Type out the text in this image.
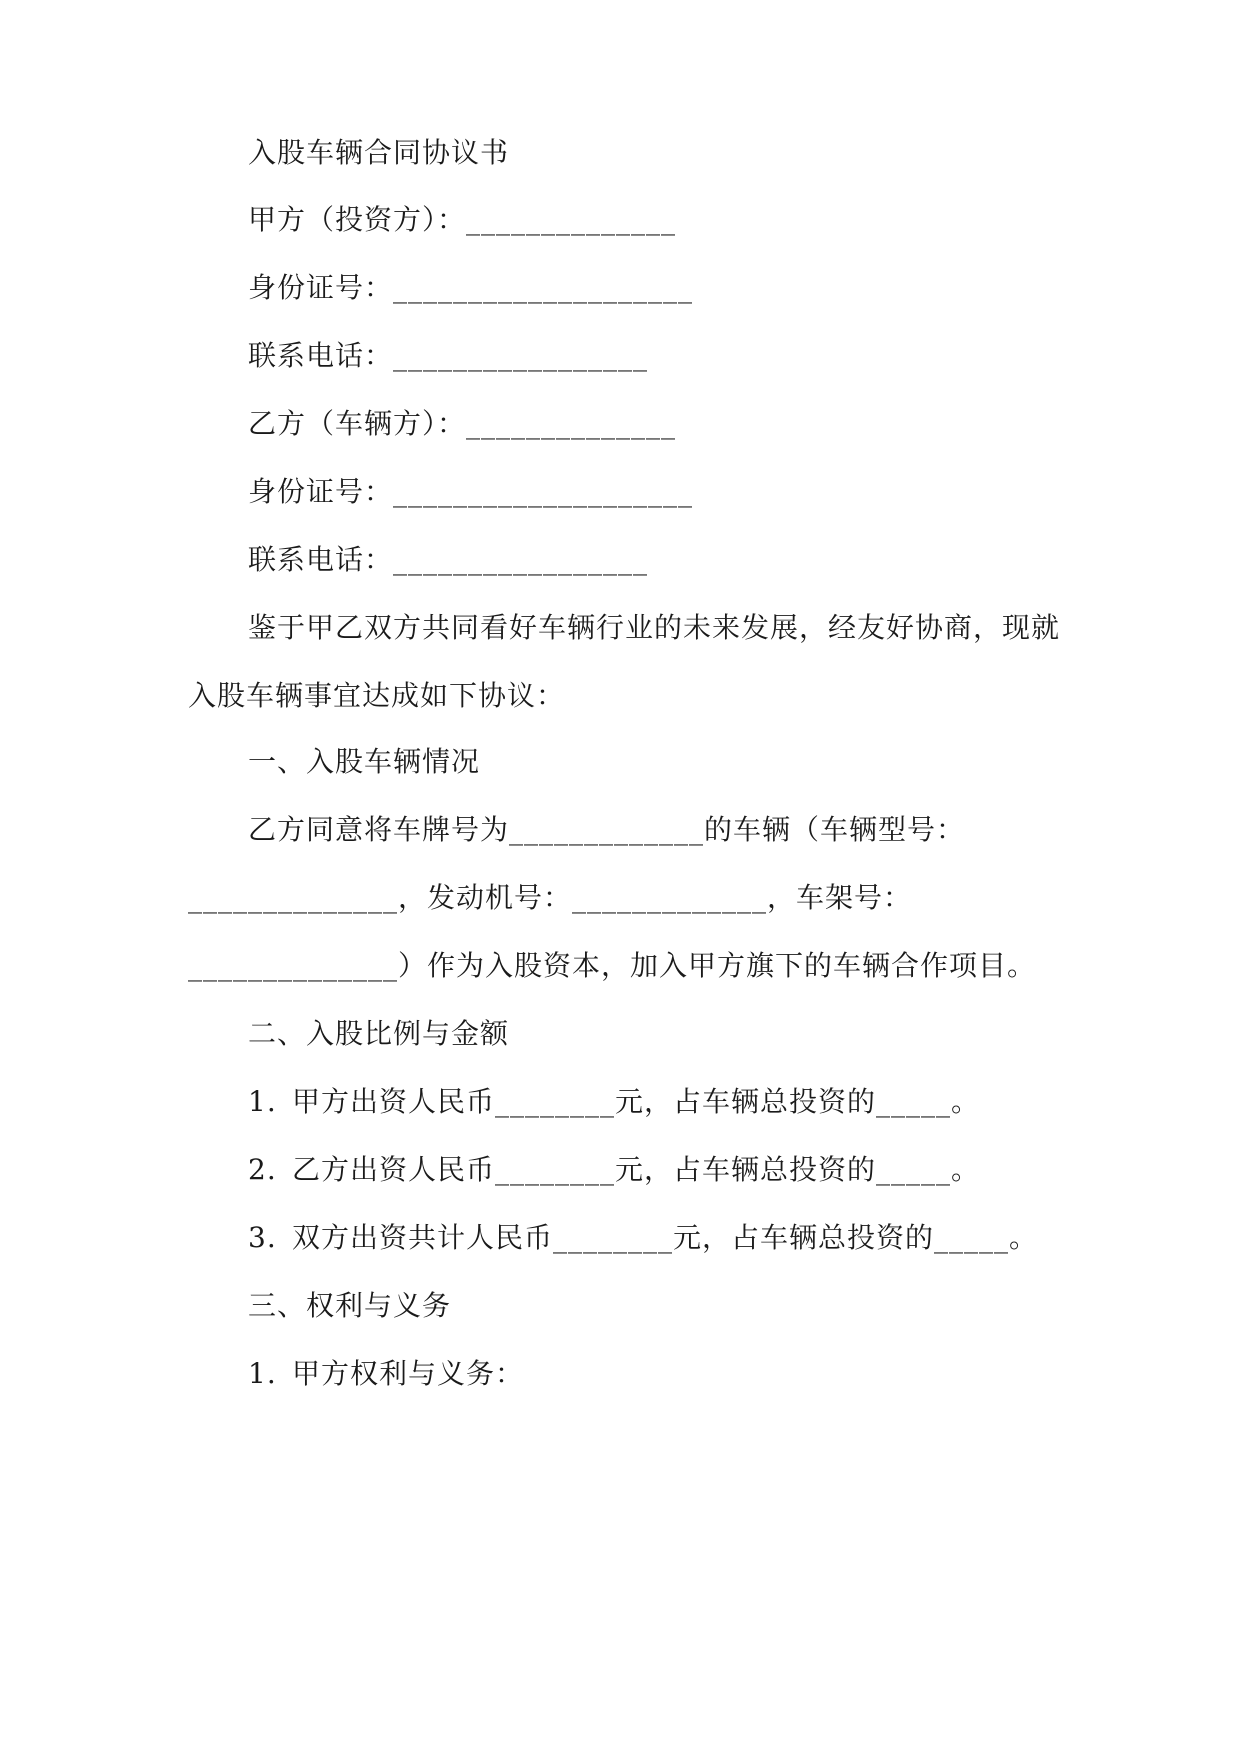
入股车辆合同协议书

甲方（投资方）：______________

身份证号：____________________

联系电话：_________________

乙方（车辆方）：______________

身份证号：____________________

联系电话：_________________

鉴于甲乙双方共同看好车辆行业的未来发展，经友好协商，现就

入股车辆事宜达成如下协议：

一、入股车辆情况

乙方同意将车牌号为_____________的车辆（车辆型号：

______________，发动机号：_____________，车架号：

______________）作为入股资本，加入甲方旗下的车辆合作项目。

二、入股比例与金额

1. 甲方出资人民币________元，占车辆总投资的_____。

2. 乙方出资人民币________元，占车辆总投资的_____。

3. 双方出资共计人民币________元，占车辆总投资的_____。

三、权利与义务

1. 甲方权利与义务：
